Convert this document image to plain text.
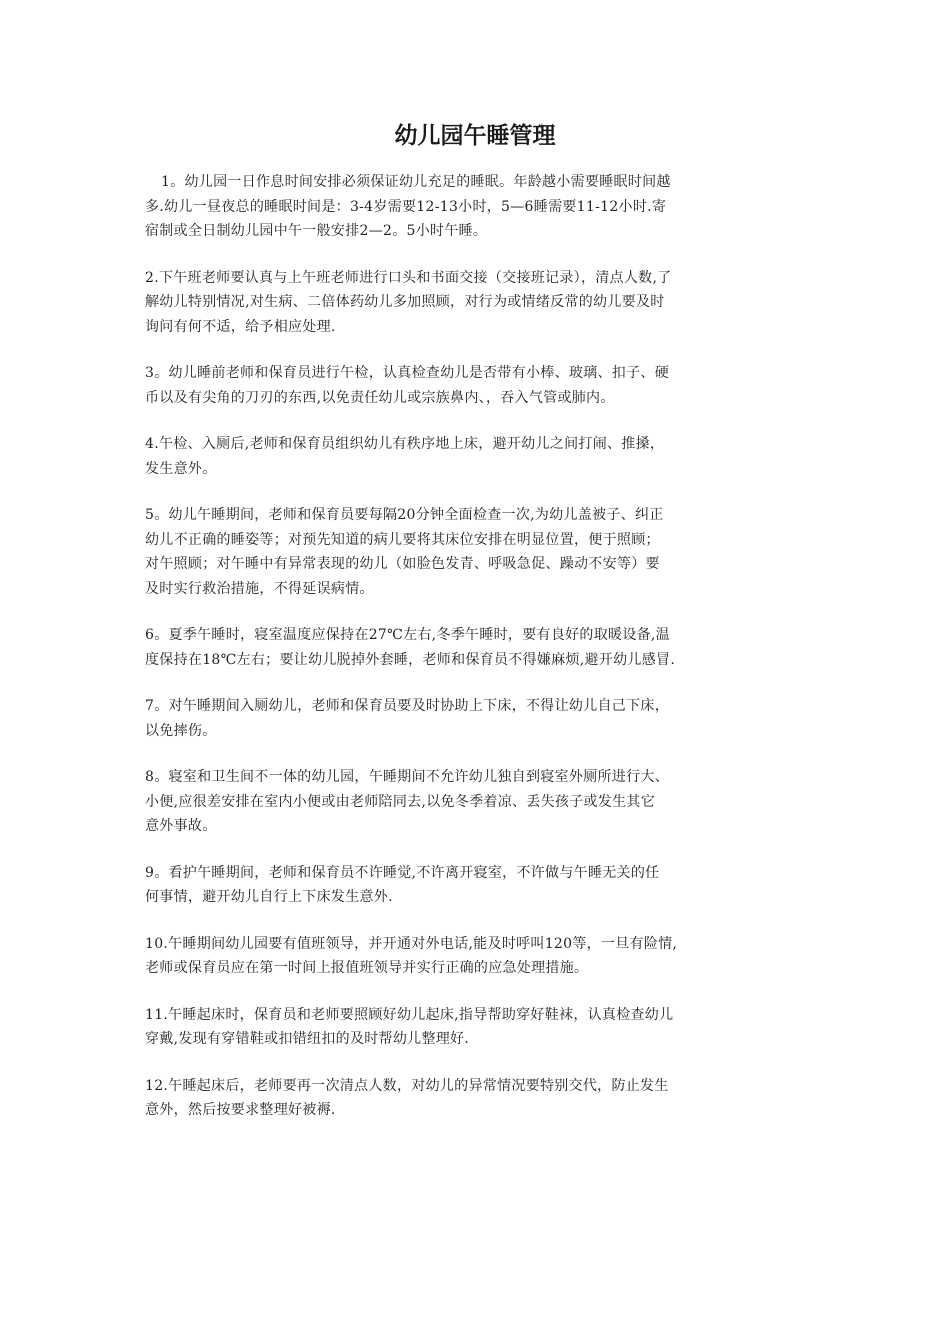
幼儿园午睡管理

1。幼儿园一日作息时间安排必须保证幼儿充足的睡眠。年龄越小需要睡眠时间越
多.幼儿一昼夜总的睡眠时间是：3-4岁需要12-13小时，5—6睡需要11-12小时.寄
宿制或全日制幼儿园中午一般安排2—2。5小时午睡。

2.下午班老师要认真与上午班老师进行口头和书面交接（交接班记录），清点人数,了
解幼儿特别情况,对生病、二倍体药幼儿多加照顾，对行为或情绪反常的幼儿要及时
询问有何不适，给予相应处理.

3。幼儿睡前老师和保育员进行午检，认真检查幼儿是否带有小棒、玻璃、扣子、硬
币以及有尖角的刀刃的东西,以免责任幼儿或宗族鼻内、，吞入气管或肺内。

4.午检、入厕后,老师和保育员组织幼儿有秩序地上床，避开幼儿之间打闹、推搡，
发生意外。

5。幼儿午睡期间，老师和保育员要每隔20分钟全面检查一次,为幼儿盖被子、纠正
幼儿不正确的睡姿等；对预先知道的病儿要将其床位安排在明显位置，便于照顾；
对午照顾；对午睡中有异常表现的幼儿（如脸色发青、呼吸急促、躁动不安等）要
及时实行救治措施，不得延误病情。

6。夏季午睡时，寝室温度应保持在27℃左右,冬季午睡时，要有良好的取暖设备,温
度保持在18℃左右；要让幼儿脱掉外套睡，老师和保育员不得嫌麻烦,避开幼儿感冒.

7。对午睡期间入厕幼儿，老师和保育员要及时协助上下床，不得让幼儿自己下床，
以免摔伤。

8。寝室和卫生间不一体的幼儿园，午睡期间不允许幼儿独自到寝室外厕所进行大、
小便,应很差安排在室内小便或由老师陪同去,以免冬季着凉、丢失孩子或发生其它
意外事故。

9。看护午睡期间，老师和保育员不许睡觉,不许离开寝室，不许做与午睡无关的任
何事情，避开幼儿自行上下床发生意外.

10.午睡期间幼儿园要有值班领导，并开通对外电话,能及时呼叫120等，一旦有险情,
老师或保育员应在第一时间上报值班领导并实行正确的应急处理措施。

11.午睡起床时，保育员和老师要照顾好幼儿起床,指导帮助穿好鞋袜，认真检查幼儿
穿戴,发现有穿错鞋或扣错纽扣的及时帮幼儿整理好.

12.午睡起床后，老师要再一次清点人数，对幼儿的异常情况要特别交代，防止发生
意外，然后按要求整理好被褥.
